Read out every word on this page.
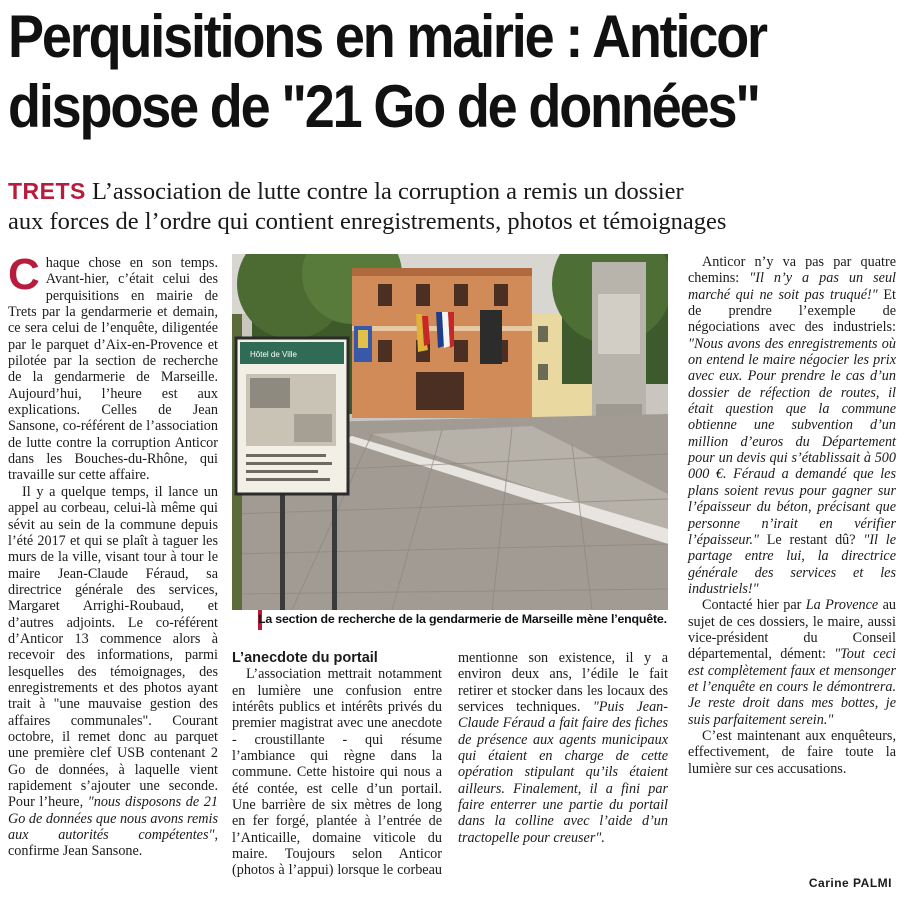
Perquisitions en mairie : Anticor
dispose de "21 Go de données"
TRETS L’association de lutte contre la corruption a remis un dossier
aux forces de l’ordre qui contient enregistrements, photos et témoignages
Hôtel de Ville
La section de recherche de la gendarmerie de Marseille mène l’enquête.

Chaque chose en son temps. Avant-hier, c’était celui des perquisitions en mairie de Trets par la gendarmerie et demain, ce sera celui de l’enquête, diligentée par le parquet d’Aix-en-Provence et pilotée par la section de recherche de la gendarmerie de Marseille. Aujourd’hui, l’heure est aux explications. Celles de Jean Sansone, co-référent de l’association de lutte contre la corruption Anticor dans les Bouches-du-Rhône, qui travaille sur cette affaire.

Il y a quelque temps, il lance un appel au corbeau, celui-là même qui sévit au sein de la commune depuis l’été 2017 et qui se plaît à taguer les murs de la ville, visant tour à tour le maire Jean-Claude Féraud, sa directrice générale des services, Margaret Arrighi-Roubaud, et d’autres adjoints. Le co-référent d’Anticor 13 commence alors à recevoir des informations, parmi lesquelles des témoignages, des enregistrements et des photos ayant trait à "une mauvaise gestion des affaires communales". Courant octobre, il remet donc au parquet une première clef USB contenant 2 Go de données, à laquelle vient rapidement s’ajouter une seconde. Pour l’heure, "nous disposons de 21 Go de données que nous avons remis aux autorités compétentes", confirme Jean Sansone.

L’anecdote du portail

L’association mettrait notamment en lumière une confusion entre intérêts publics et intérêts privés du premier magistrat avec une anecdote - croustillante - qui résume l’ambiance qui règne dans la commune. Cette histoire qui nous a été contée, est celle d’un portail. Une barrière de six mètres de long en fer forgé, plantée à l’entrée de l’Anticaille, domaine viticole du maire. Toujours selon Anticor (photos à l’appui) lorsque le corbeau mentionne son existence, il y a environ deux ans, l’édile le fait retirer et stocker dans les locaux des services techniques. "Puis Jean-Claude Féraud a fait faire des fiches de présence aux agents municipaux qui étaient en charge de cette opération stipulant qu’ils étaient ailleurs. Finalement, il a fini par faire enterrer une partie du portail dans la colline avec l’aide d’un tractopelle pour creuser".

Anticor n’y va pas par quatre chemins: "Il n’y a pas un seul marché qui ne soit pas truqué!" Et de prendre l’exemple de négociations avec des industriels: "Nous avons des enregistrements où on entend le maire négocier les prix avec eux. Pour prendre le cas d’un dossier de réfection de routes, il était question que la commune obtienne une subvention d’un million d’euros du Département pour un devis qui s’établissait à 500 000 €. Féraud a demandé que les plans soient revus pour gagner sur l’épaisseur du béton, précisant que personne n’irait en vérifier l’épaisseur." Le restant dû? "Il le partage entre lui, la directrice générale des services et les industriels!"

Contacté hier par La Provence au sujet de ces dossiers, le maire, aussi vice-président du Conseil départemental, dément: "Tout ceci est complètement faux et mensonger et l’enquête en cours le démontrera. Je reste droit dans mes bottes, je suis parfaitement serein."

C’est maintenant aux enquêteurs, effectivement, de faire toute la lumière sur ces accusations.

Carine PALMI
